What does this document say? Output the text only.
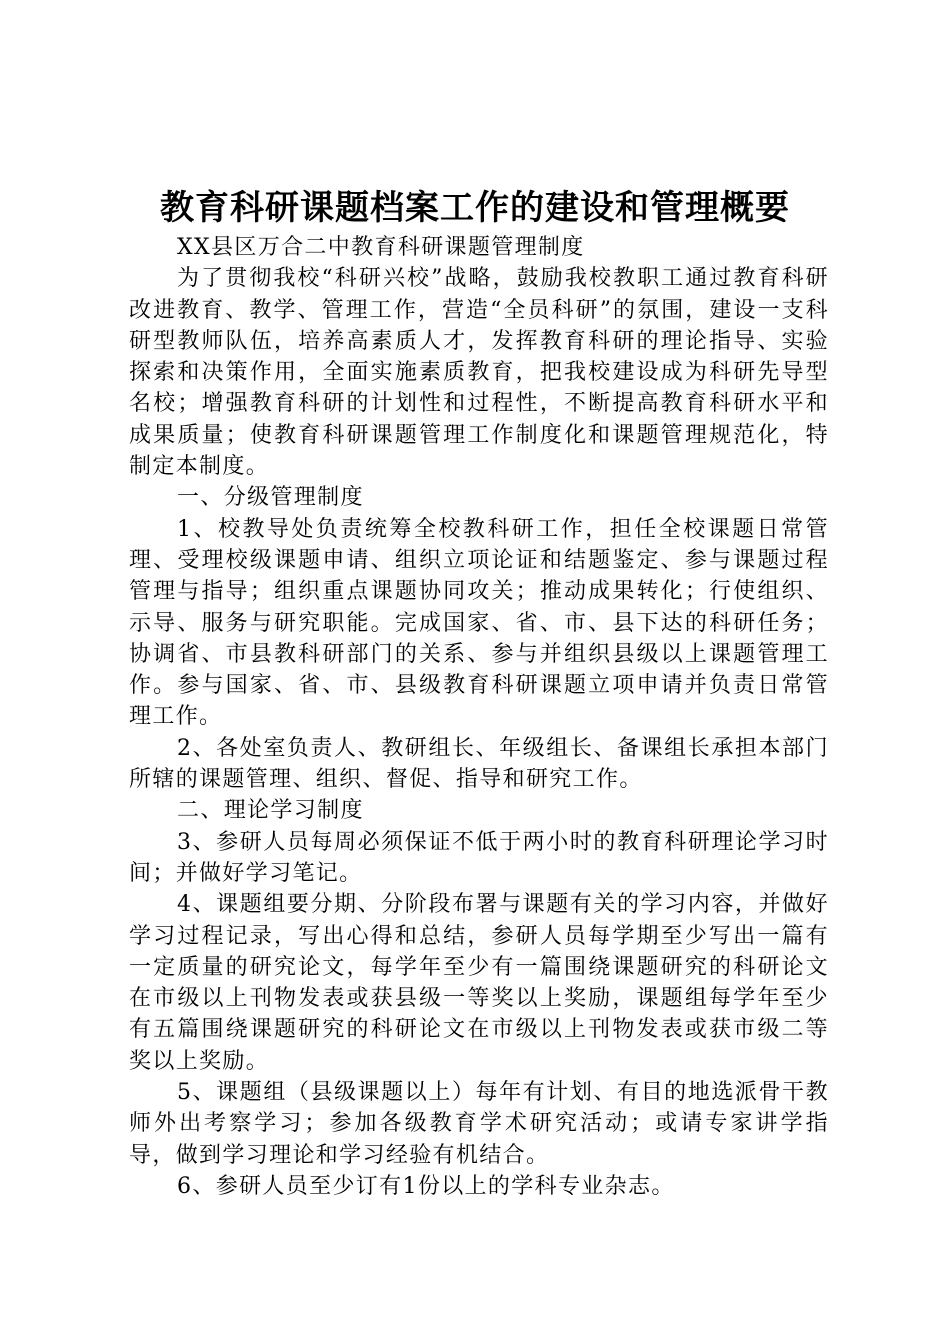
教育科研课题档案工作的建设和管理概要

XX县区万合二中教育科研课题管理制度

为了贯彻我校“科研兴校”战略，鼓励我校教职工通过教育科研改进教育、教学、管理工作，营造“全员科研”的氛围，建设一支科研型教师队伍，培养高素质人才，发挥教育科研的理论指导、实验探索和决策作用，全面实施素质教育，把我校建设成为科研先导型名校；增强教育科研的计划性和过程性，不断提高教育科研水平和成果质量；使教育科研课题管理工作制度化和课题管理规范化，特制定本制度。

一、分级管理制度

1、校教导处负责统筹全校教科研工作，担任全校课题日常管理、受理校级课题申请、组织立项论证和结题鉴定、参与课题过程管理与指导；组织重点课题协同攻关；推动成果转化；行使组织、示导、服务与研究职能。完成国家、省、市、县下达的科研任务；协调省、市县教科研部门的关系、参与并组织县级以上课题管理工作。参与国家、省、市、县级教育科研课题立项申请并负责日常管理工作。

2、各处室负责人、教研组长、年级组长、备课组长承担本部门所辖的课题管理、组织、督促、指导和研究工作。

二、理论学习制度

3、参研人员每周必须保证不低于两小时的教育科研理论学习时间；并做好学习笔记。

4、课题组要分期、分阶段布署与课题有关的学习内容，并做好学习过程记录，写出心得和总结，参研人员每学期至少写出一篇有一定质量的研究论文，每学年至少有一篇围绕课题研究的科研论文在市级以上刊物发表或获县级一等奖以上奖励，课题组每学年至少有五篇围绕课题研究的科研论文在市级以上刊物发表或获市级二等奖以上奖励。

5、课题组（县级课题以上）每年有计划、有目的地选派骨干教师外出考察学习；参加各级教育学术研究活动；或请专家讲学指导，做到学习理论和学习经验有机结合。

6、参研人员至少订有1份以上的学科专业杂志。
